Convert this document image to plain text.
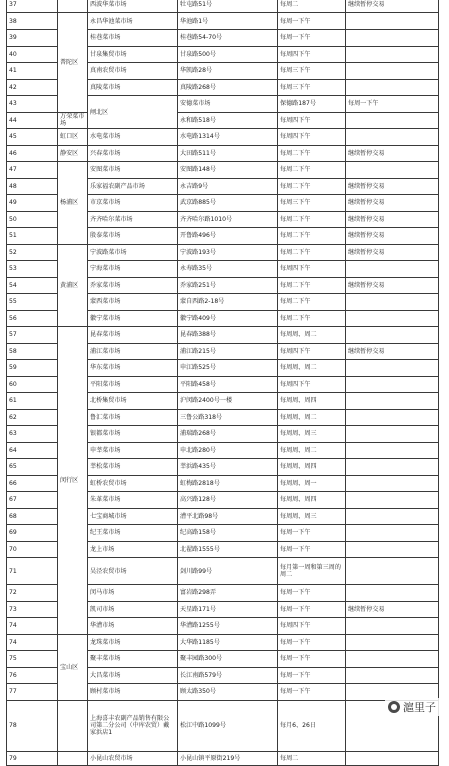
37		西波华菜市场	牡屯路51号	每周二	继续暂停交易	
38	普陀区	永昌华池菜市场	华池路1号	每周一下午		
39		桂巷菜市场	桂巷路54-70号	每周一下午		
40		甘泉集贸市场	甘泉路500号	每周四下午		
41		真南农贸市场	华凯路28号	每周三下午		
42		真陵菜市场	真陵路268号	每周三下午		
43		闸北区	安德菜市场	保德路187号	每周一下午	
44	万荣菜市场		永和路518号	每周四下午		
45	虹口区	水电菜市场	水电路1314号	每周四下午		
46	静安区	兴春菜市场	大田路511号	每周二下午	继续暂停交易	
47	杨浦区	安图菜市场	安图路148号	每周二下午		
48		乐家福农副产品市场	永吉路9号	每周二下午	继续暂停交易	
49		市京菜市场	武京路885号	每周三下午	继续暂停交易	
50		齐齐哈尔菜市场	齐齐哈尔路1010号	每周二下午	继续暂停交易	
51		殷泰菜市场	开鲁路496号	每周二下午	继续暂停交易	
52	黄浦区	宁波路菜市场	宁波路193号	每周二下午	继续暂停交易	
53		宁海菜市场	永寿路35号	每周四下午		
54		乔家菜市场	乔家路251号	每周二下午	继续暂停交易	
55		蒙西菜市场	蒙自西路2-18号	每周二下午		
56		徽宁菜市场	徽宁路409号	每周二下午		
57	闵行区	昆春菜市场	昆春路388号	每周周、周二		
58		浦江菜市场	浦江路215号	每周四下午	继续暂停交易	
59		华东菜市场	申江路525号	每周周、周二		
60		平阳菜市场	平阳路458号	每周四下午		
61		北桥集贸市场	沪闵路2400号一楼	每周周、周四		
62		鲁汇菜市场	三鲁公路318号	每周周、周二		
63		银都菜市场	浦瑞路268号	每周周、周三		
64		申莘菜市场	申北路280号	每周周、周二		
65		莘松菜市场	莘浜路435号	每周周、周四		
66		虹桥农贸市场	虹梅路2818号	每周周、周一		
67		朱革菜市场	高兴路128号	每周周、周四		
68		七宝商城市场	漕平北路98号	每周周、周三		
69		纪王菜市场	纪高路158号	每周一下午		
70		龙上市场	北翟路1555号	每周一下午		
71		吴泾农贸市场	剑川路99号	每月第一周和第三周的周二		
72		闵马市场	富岩路298弄	每周一下午		
73		凯司市场	天星路171号	每周一下午	继续暂停交易	
74		华漕市场	华漕路1255号	每周四下午		
74	宝山区	龙珠菜市场	大华路1185号	每周一下午		
75		聚丰菜市场	聚丰园路300号	每周一下午		
76		大昌菜市场	长江南路579号	每周一下午		
77		顾村菜市场	顾太路350号	每周一下午		
78		上海喜丰农副产品销售有限公司第二分公司（中库农贸）戴家浜店1	松江中路1099号	每月6、26日		
79		小昆山农贸市场	小昆山镇平原街219号	每周二		
滬里子
